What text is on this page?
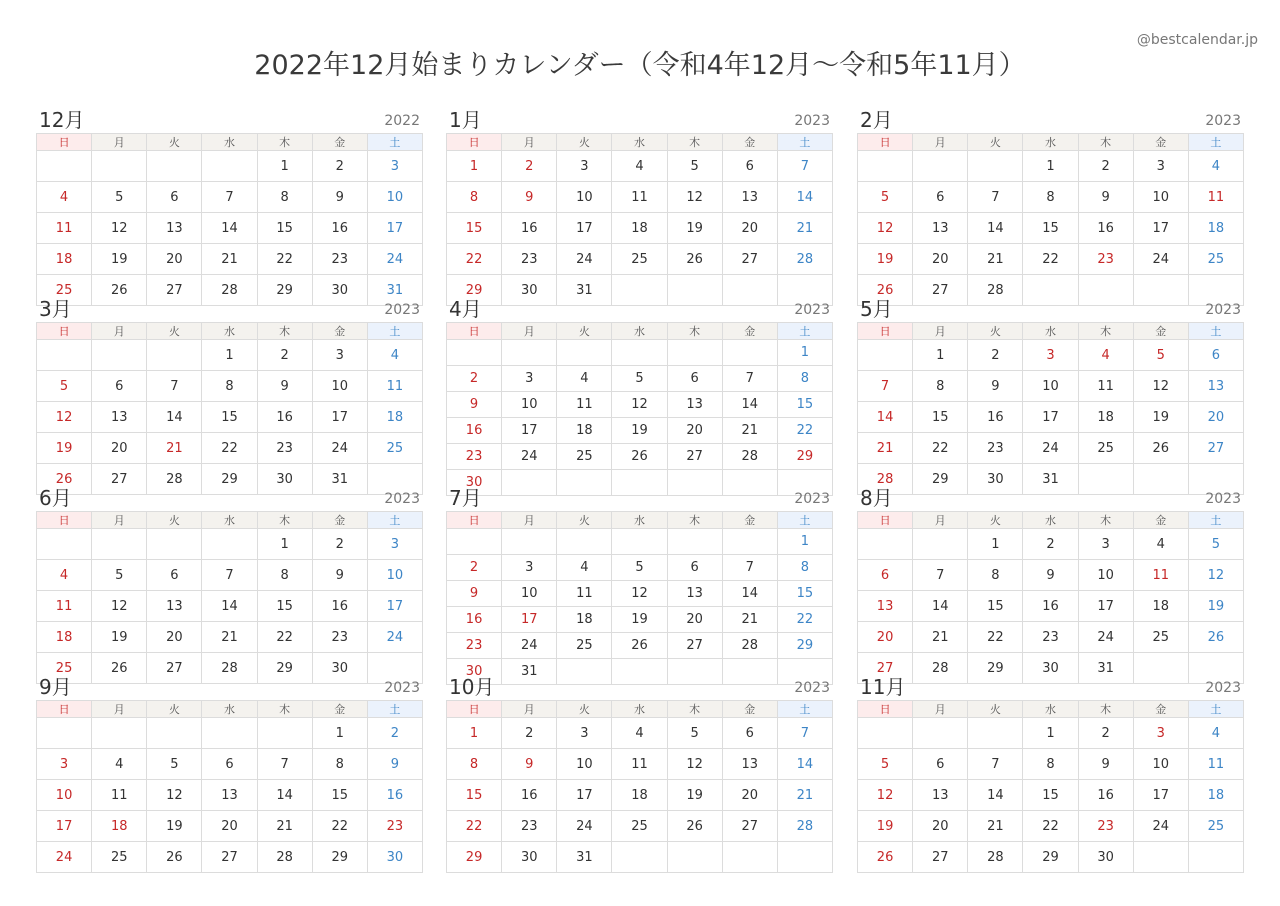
@bestcalendar.jp
2022年12月始まりカレンダー（令和4年12月〜令和5年11月）
12月	2022
日	月	火	水	木	金	土
				1	2	3
4	5	6	7	8	9	10
11	12	13	14	15	16	17
18	19	20	21	22	23	24
25	26	27	28	29	30	31
1月	2023
日	月	火	水	木	金	土
1	2	3	4	5	6	7
8	9	10	11	12	13	14
15	16	17	18	19	20	21
22	23	24	25	26	27	28
29	30	31				
2月	2023
日	月	火	水	木	金	土
			1	2	3	4
5	6	7	8	9	10	11
12	13	14	15	16	17	18
19	20	21	22	23	24	25
26	27	28				
3月	2023
日	月	火	水	木	金	土
			1	2	3	4
5	6	7	8	9	10	11
12	13	14	15	16	17	18
19	20	21	22	23	24	25
26	27	28	29	30	31	
4月	2023
日	月	火	水	木	金	土
						1
2	3	4	5	6	7	8
9	10	11	12	13	14	15
16	17	18	19	20	21	22
23	24	25	26	27	28	29
30						
5月	2023
日	月	火	水	木	金	土
	1	2	3	4	5	6
7	8	9	10	11	12	13
14	15	16	17	18	19	20
21	22	23	24	25	26	27
28	29	30	31			
6月	2023
日	月	火	水	木	金	土
				1	2	3
4	5	6	7	8	9	10
11	12	13	14	15	16	17
18	19	20	21	22	23	24
25	26	27	28	29	30	
7月	2023
日	月	火	水	木	金	土
						1
2	3	4	5	6	7	8
9	10	11	12	13	14	15
16	17	18	19	20	21	22
23	24	25	26	27	28	29
30	31					
8月	2023
日	月	火	水	木	金	土
		1	2	3	4	5
6	7	8	9	10	11	12
13	14	15	16	17	18	19
20	21	22	23	24	25	26
27	28	29	30	31		
9月	2023
日	月	火	水	木	金	土
					1	2
3	4	5	6	7	8	9
10	11	12	13	14	15	16
17	18	19	20	21	22	23
24	25	26	27	28	29	30
10月	2023
日	月	火	水	木	金	土
1	2	3	4	5	6	7
8	9	10	11	12	13	14
15	16	17	18	19	20	21
22	23	24	25	26	27	28
29	30	31				
11月	2023
日	月	火	水	木	金	土
			1	2	3	4
5	6	7	8	9	10	11
12	13	14	15	16	17	18
19	20	21	22	23	24	25
26	27	28	29	30		
